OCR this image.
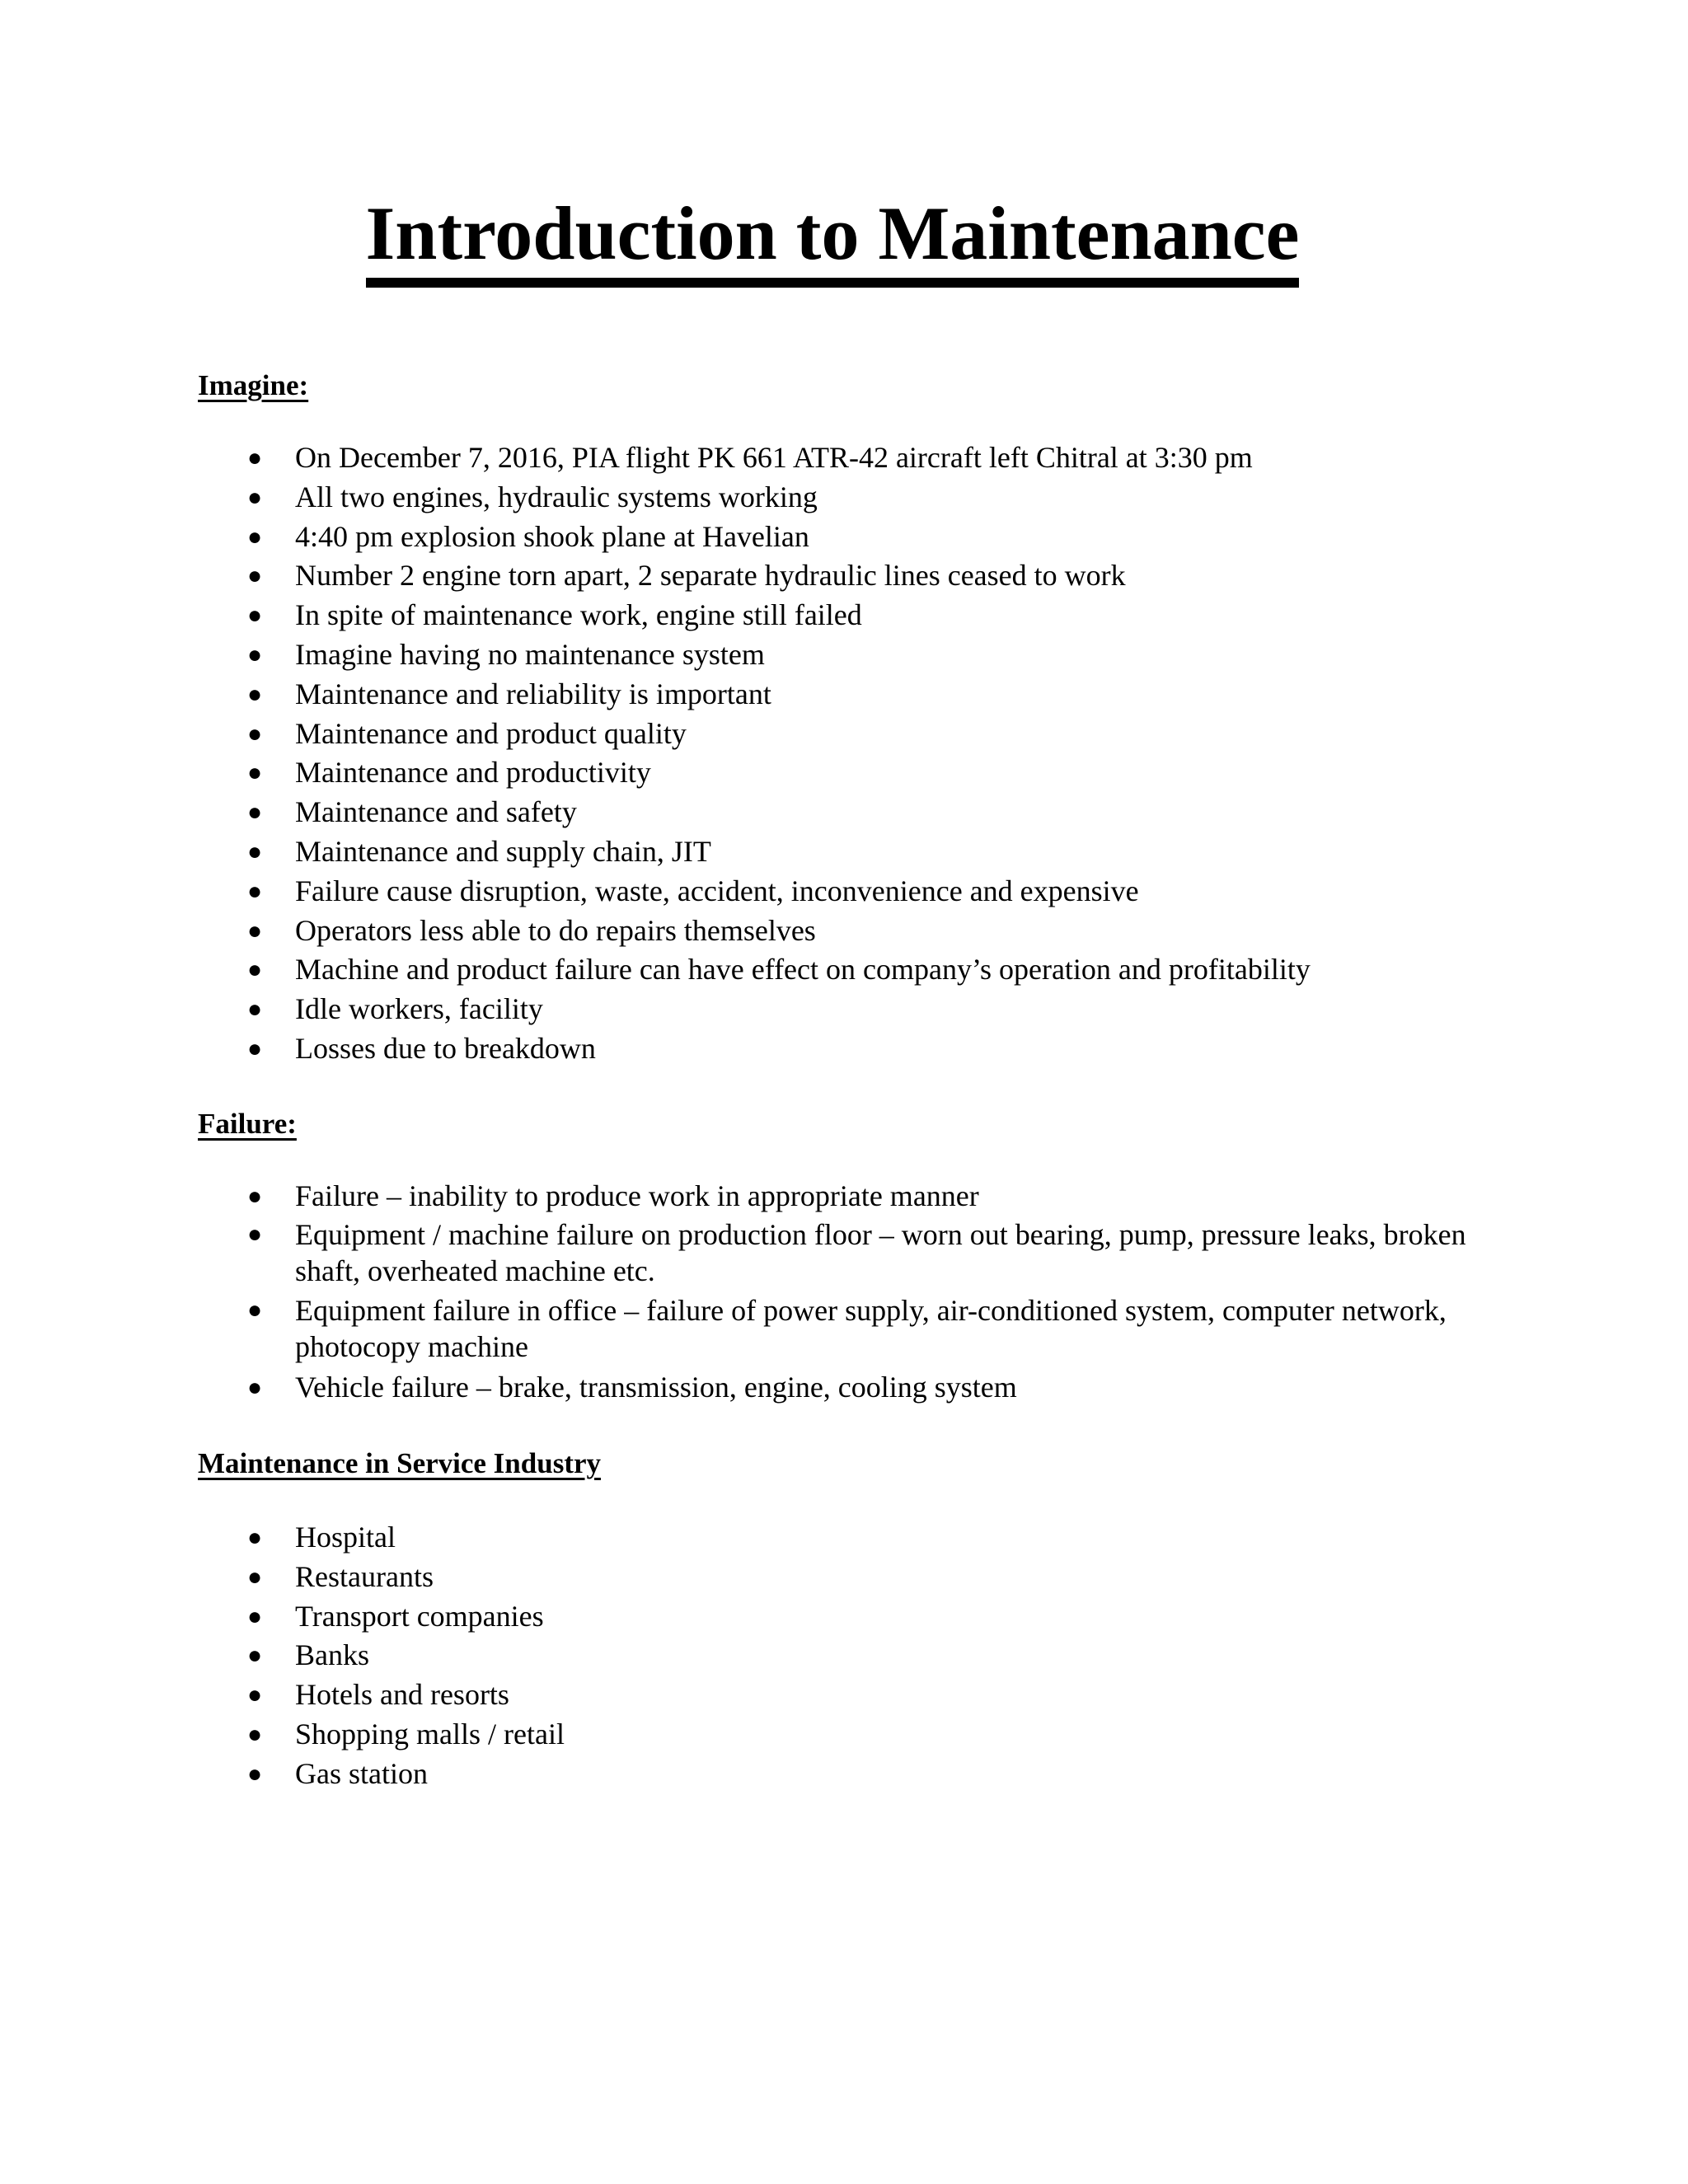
Introduction to Maintenance
Imagine:
● On December 7, 2016, PIA flight PK 661 ATR-42 aircraft left Chitral at 3:30 pm
● All two engines, hydraulic systems working
● 4:40 pm explosion shook plane at Havelian
● Number 2 engine torn apart, 2 separate hydraulic lines ceased to work
● In spite of maintenance work, engine still failed
● Imagine having no maintenance system
● Maintenance and reliability is important
● Maintenance and product quality
● Maintenance and productivity
● Maintenance and safety
● Maintenance and supply chain, JIT
● Failure cause disruption, waste, accident, inconvenience and expensive
● Operators less able to do repairs themselves
● Machine and product failure can have effect on company’s operation and profitability
● Idle workers, facility
● Losses due to breakdown
Failure:
● Failure – inability to produce work in appropriate manner
● Equipment / machine failure on production floor – worn out bearing, pump, pressure leaks, broken shaft, overheated machine etc.
● Equipment failure in office – failure of power supply, air-conditioned system, computer network, photocopy machine
● Vehicle failure – brake, transmission, engine, cooling system
Maintenance in Service Industry
● Hospital
● Restaurants
● Transport companies
● Banks
● Hotels and resorts
● Shopping malls / retail
● Gas station
